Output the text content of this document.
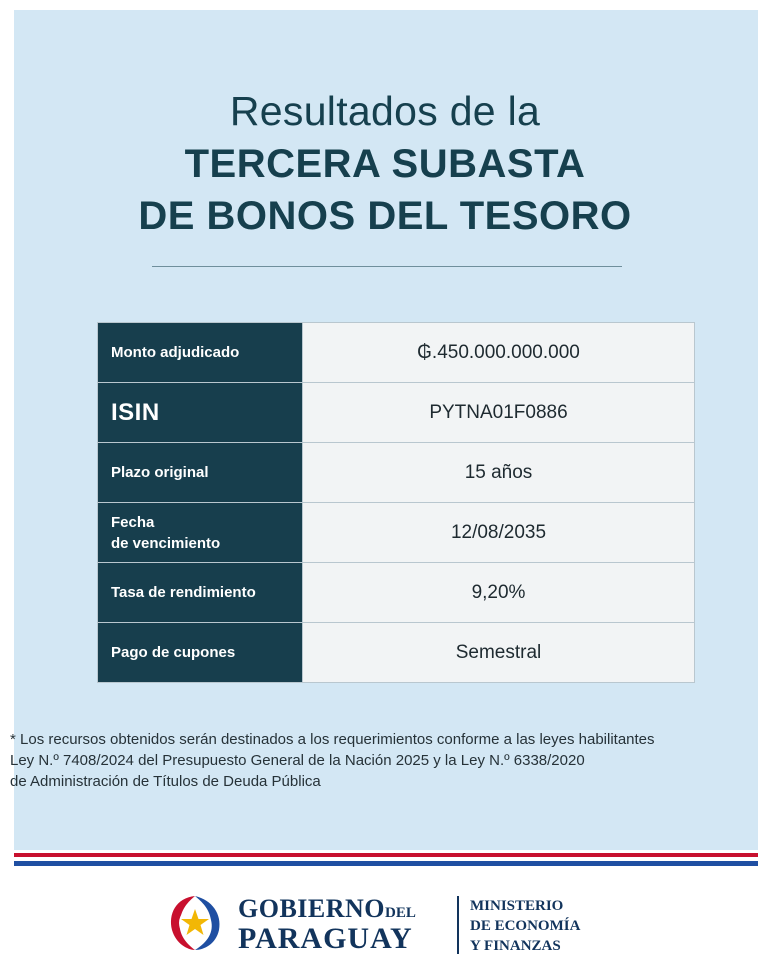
Resultados de la
TERCERA SUBASTA
DE BONOS DEL TESORO
Monto adjudicado	₲.450.000.000.000
ISIN	PYTNA01F0886
Plazo original	15 años

Fecha
de vencimiento	12/08/2035
Tasa de rendimiento	9,20%
Pago de cupones	Semestral
* Los recursos obtenidos serán destinados a los requerimientos conforme a las leyes habilitantes
Ley N.º 7408/2024 del Presupuesto General de la Nación 2025 y la Ley N.º 6338/2020
de Administración de Títulos de Deuda Pública
GOBIERNODEL
PARAGUAY
MINISTERIO
DE ECONOMÍA
Y FINANZAS
